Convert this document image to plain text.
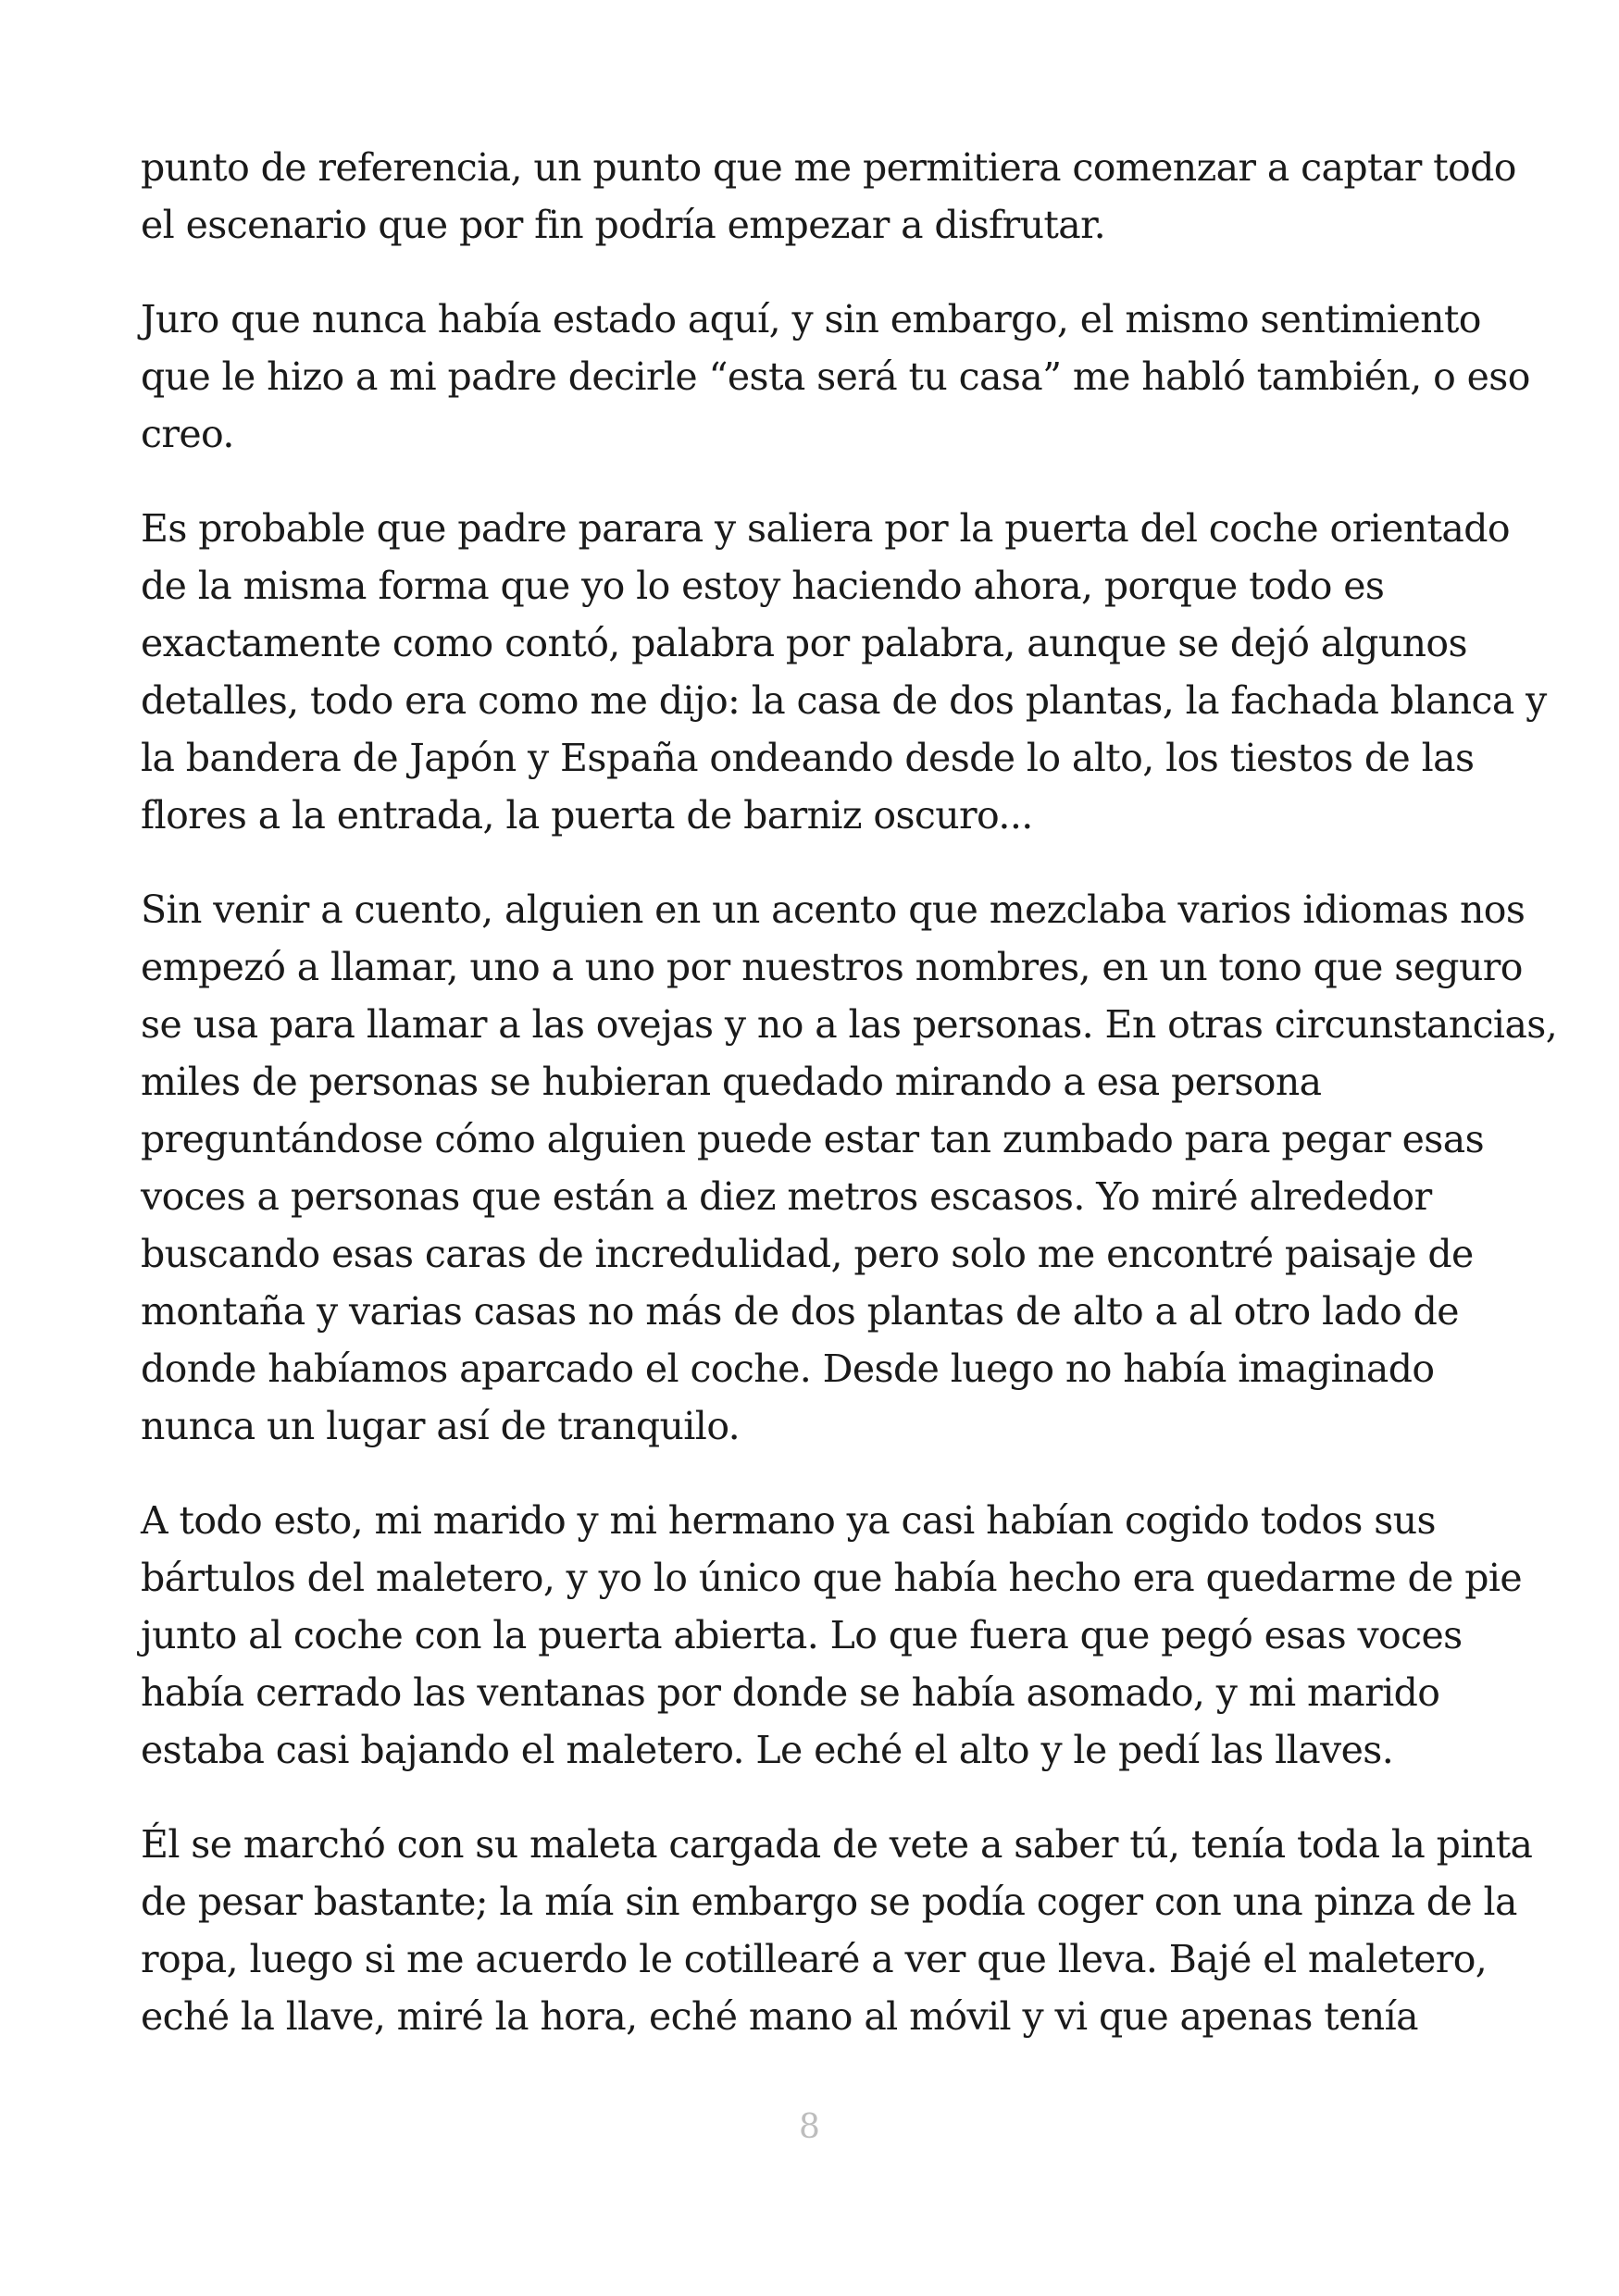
punto de referencia, un punto que me permitiera comenzar a captar todo
el escenario que por fin podría empezar a disfrutar.
Juro que nunca había estado aquí, y sin embargo, el mismo sentimiento
que le hizo a mi padre decirle “esta será tu casa” me habló también, o eso
creo.
Es probable que padre parara y saliera por la puerta del coche orientado
de la misma forma que yo lo estoy haciendo ahora, porque todo es
exactamente como contó, palabra por palabra, aunque se dejó algunos
detalles, todo era como me dijo: la casa de dos plantas, la fachada blanca y
la bandera de Japón y España ondeando desde lo alto, los tiestos de las
flores a la entrada, la puerta de barniz oscuro...
Sin venir a cuento, alguien en un acento que mezclaba varios idiomas nos
empezó a llamar, uno a uno por nuestros nombres, en un tono que seguro
se usa para llamar a las ovejas y no a las personas. En otras circunstancias,
miles de personas se hubieran quedado mirando a esa persona
preguntándose cómo alguien puede estar tan zumbado para pegar esas
voces a personas que están a diez metros escasos. Yo miré alrededor
buscando esas caras de incredulidad, pero solo me encontré paisaje de
montaña y varias casas no más de dos plantas de alto a al otro lado de
donde habíamos aparcado el coche. Desde luego no había imaginado
nunca un lugar así de tranquilo.
A todo esto, mi marido y mi hermano ya casi habían cogido todos sus
bártulos del maletero, y yo lo único que había hecho era quedarme de pie
junto al coche con la puerta abierta. Lo que fuera que pegó esas voces
había cerrado las ventanas por donde se había asomado, y mi marido
estaba casi bajando el maletero. Le eché el alto y le pedí las llaves.
Él se marchó con su maleta cargada de vete a saber tú, tenía toda la pinta
de pesar bastante; la mía sin embargo se podía coger con una pinza de la
ropa, luego si me acuerdo le cotillearé a ver que lleva. Bajé el maletero,
eché la llave, miré la hora, eché mano al móvil y vi que apenas tenía
8
